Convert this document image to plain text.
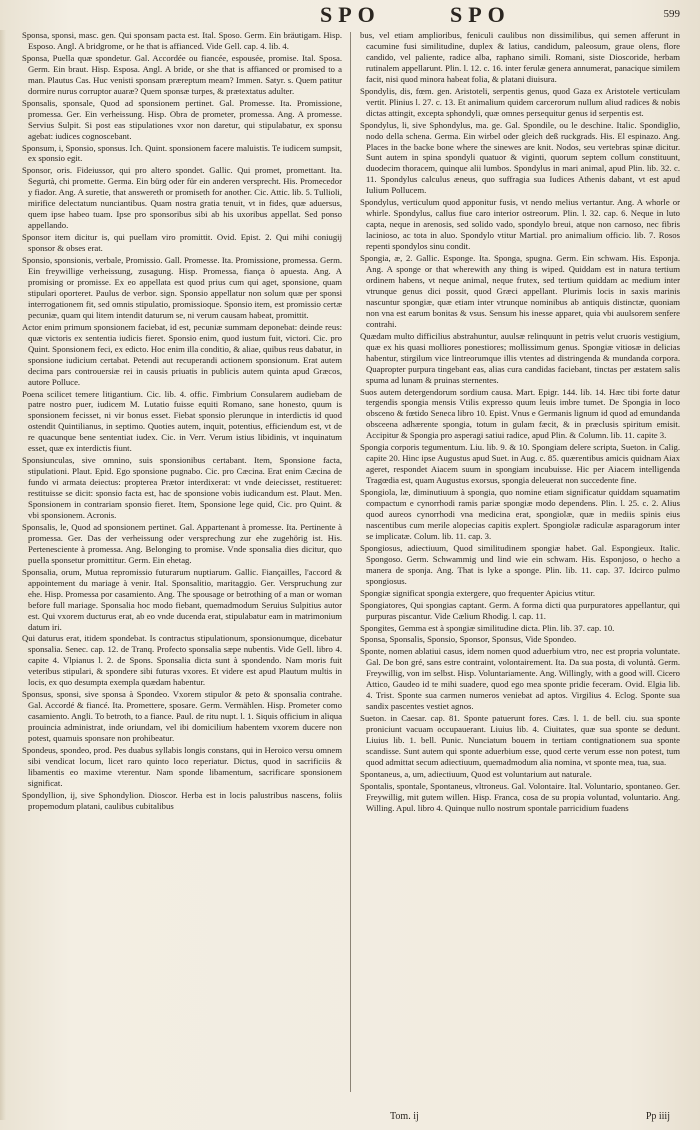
SPO	SPO	599

Sponsa, sponsi, masc. gen. Qui sponsam pacta est. Ital. Sposo. Germ. Ein bräutigam. Hisp. Esposo. Angl. A bridgrome, or he that is affianced. Vide Gell. cap. 4. lib. 4.

Sponsa, Puella quæ spondetur. Gal. Accordée ou fiancée, espousée, promise. Ital. Sposa. Germ. Ein braut. Hisp. Esposa. Angl. A bride, or she that is affianced or promised to a man. Plautus Cas. Huc venisti sponsam præreptum meam? Immen. Satyr. s. Quem patitur dormire nurus corruptor auaræ? Quem sponsæ turpes, & prætextatus adulter.

Sponsalis, sponsale, Quod ad sponsionem pertinet. Gal. Promesse. Ita. Promissione, promessa. Ger. Ein verheissung. Hisp. Obra de prometer, promessa. Ang. A promesse. Servius Sulpit. Si post eas stipulationes vxor non daretur, qui stipulabatur, ex sponsu agebat: iudices cognoscebant.

Sponsum, i, Sponsio, sponsus. Ich. Quint. sponsionem facere maluistis. Te iudicem sumpsit, ex sponsio egit.

Sponsor, oris. Fideiussor, qui pro altero spondet. Gallic. Qui promet, promettant. Ita. Segurtà, chi promette. Germa. Ein bürg oder für ein anderen versprecht. His. Promecedor y fiador. Ang. A suretie, that answereth or promiseth for another. Cic. Attic. lib. 5. Tullioli, mirifice delectatum nunciantibus. Quam nostra gratia tenuit, vt in fides, quæ aduersus, quem ipse habeo tuam. Ipse pro sponsoribus sibi ab his uxoribus appellat. Sed ponso appellando.

Sponsor item dicitur is, qui puellam viro promittit. Ovid. Epist. 2. Qui mihi coniugij sponsor & obses erat.

Sponsio, sponsionis, verbale, Promissio. Gall. Promesse. Ita. Promissione, promessa. Germ. Ein freywillige verheissung, zusagung. Hisp. Promessa, fiança ò apuesta. Ang. A promising or promisse. Ex eo appellata est quod prius cum qui aget, sponsione, quam stipulari oporteret. Paulus de verbor. sign. Sponsio appellatur non solum quæ per sponsi interrogationem fit, sed omnis stipulatio, promissioque. Sponsio item, est promissio certæ pecuniæ, quam qui litem intendit daturum se, ni verum causam habeat, promittit.

Actor enim primum sponsionem faciebat, id est, pecuniæ summam deponebat: deinde reus: quæ victoris ex sententia iudicis fieret. Sponsio enim, quod iustum fuit, victori. Cic. pro Quint. Sponsionem feci, ex edicto. Hoc enim illa conditio, & aliae, quibus reus dabatur, in sponsione iudicium certabat. Petendi aut recuperandi actionem sponsionum. Erat autem decima pars controuersiæ rei in causis priuatis in publicis autem quinta apud Græcos, autore Polluce.

Poena scilicet temere litigantium. Cic. lib. 4. offic. Fimbrium Consularem audiebam de patre nostro puer, iudicem M. Lutatio fuisse equiti Romano, sane honesto, quum is sponsionem fecisset, ni vir bonus esset. Fiebat sponsio plerunque in interdictis id quod ostendit Quintilianus, in septimo. Quoties autem, inquit, potentius, efficiendum est, vt de re quacunque bene sententiat iudex. Cic. in Verr. Verum istius libidinis, vt inquinatum esset, quæ ex interdictis fiunt.

Sponsiunculas, sive omnino, suis sponsionibus certabant. Item, Sponsione facta, stipulationi. Plaut. Epid. Ego sponsione pugnabo. Cic. pro Cæcina. Erat enim Cæcina de fundo vi armata deiectus: propterea Prætor interdixerat: vt vnde deiecisset, restitueret: restituisse se dicit: sponsio facta est, hac de sponsione vobis iudicandum est. Plaut. Men. Sponsionem in contrariam sponsio fieret. Item, Sponsione lege quid, Cic. pro Quint. & vbi sponsionem. Acronis.

Sponsalis, le, Quod ad sponsionem pertinet. Gal. Appartenant à promesse. Ita. Pertinente à promessa. Ger. Das der verheissung oder versprechung zur ehe zugehörig ist. His. Pertenesciente à promessa. Ang. Belonging to promise. Vnde sponsalia dies dicitur, quo puella sponsetur promittitur. Germ. Ein ehetag.

Sponsalia, orum, Mutua repromissio futurarum nuptiarum. Gallic. Fiançailles, l'accord & appointement du mariage à venir. Ital. Sponsalitio, maritaggio. Ger. Verspruchung zur ehe. Hisp. Promessa por casamiento. Ang. The spousage or betrothing of a man or woman before full mariage. Sponsalia hoc modo fiebant, quemadmodum Seruius Sulpitius autor est. Qui vxorem ducturus erat, ab eo vnde ducenda erat, stipulabatur eam in matrimonium datum iri.

Qui daturus erat, itidem spondebat. Is contractus stipulationum, sponsionumque, dicebatur sponsalia. Senec. cap. 12. de Tranq. Profecto sponsalia sæpe nubentis. Vide Gell. libro 4. capite 4. Vlpianus l. 2. de Spons. Sponsalia dicta sunt à spondendo. Nam moris fuit veteribus stipulari, & spondere sibi futuras vxores. Et videre est apud Plautum multis in locis, ex quo desumpta exempla quædam habentur.

Sponsus, sponsi, sive sponsa à Spondeo. Vxorem stipulor & peto & sponsalia contrahe. Gal. Accordé & fiancé. Ita. Promettere, sposare. Germ. Vermählen. Hisp. Prometer como casamiento. Angli. To betroth, to a fiance. Paul. de ritu nupt. l. 1. Siquis officium in aliqua prouincia administrat, inde oriundam, vel ibi domicilium habentem vxorem ducere non potest, quamuis sponsare non prohibeatur.

Spondeus, spondeo, prod. Pes duabus syllabis longis constans, qui in Heroico versu omnem sibi vendicat locum, licet raro quinto loco reperiatur. Dictus, quod in sacrificiis & libamentis eo maxime vterentur. Nam sponde libamentum, sacrificare sponsionem significat.

Spondyllion, ij, sive Sphondylion. Dioscor. Herba est in locis palustribus nascens, foliis propemodum platani, caulibus cubitalibus

bus, vel etiam amplioribus, feniculi caulibus non dissimilibus, qui semen afferunt in cacumine fusi similitudine, duplex & latius, candidum, paleosum, graue olens, flore candido, vel paliente, radice alba, raphano simili. Romani, siste Dioscoride, herbam rutinalem appellarunt. Plin. l. 12. c. 16. inter ferulæ genera annumerat, panacique similem facit, nisi quod minora habeat folia, & platani diuisura.

Spondylis, dis, fœm. gen. Aristoteli, serpentis genus, quod Gaza ex Aristotele verticulam vertit. Plinius l. 27. c. 13. Et animalium quidem carcerorum nullum aliud radices & nobis dictas attingit, excepta sphondyli, quæ omnes persequitur genus id serpentis est.

Spondylus, li, sive Sphondylus, ma. ge. Gal. Spondile, ou le deschine. Italic. Spondiglio, nodo della schena. Germa. Ein wirbel oder gleich deß ruckgrads. His. El espinazo. Ang. Places in the backe bone where the sinewes are knit. Nodos, seu vertebras spinæ dicitur. Sunt autem in spina spondyli quatuor & viginti, quorum septem collum constituunt, duodecim thoracem, quinque alii lumbos. Spondylus in mari animal, apud Plin. lib. 32. c. 11. Spondylus calculus æneus, quo suffragia sua Iudices Athenis dabant, vt est apud Iulium Pollucem.

Spondylus, verticulum quod apponitur fusis, vt nendo melius vertantur. Ang. A whorle or whirle. Spondylus, callus fiue caro interior ostreorum. Plin. l. 32. cap. 6. Neque in luto capta, neque in arenosis, sed solido vado, spondylo breui, atque non carnoso, nec fibris lacinioso, ac tota in aluo. Spondylo vtitur Martial. pro animalium officio. lib. 7. Rosos repenti spondylos sinu condit.

Spongia, æ, 2. Gallic. Esponge. Ita. Sponga, spugna. Germ. Ein schwam. His. Esponja. Ang. A sponge or that wherewith any thing is wiped. Quiddam est in natura tertium ordinem habens, vt neque animal, neque frutex, sed tertium quiddam ac medium inter vtrunque genus dici possit, quod Græci appellant. Plurimis locis in saxis marinis nascuntur spongiæ, quæ etiam inter vtrunque nominibus ab antiquis distinctæ, quoniam non vna est earum bonitas & vsus. Sensum his inesse apparet, quia vbi auulsorem senfere contrahi.

Quædam multo difficilius abstrahuntur, auulsæ relinquunt in petris velut cruoris vestigium, quæ ex his quasi molliores ponestiores; mollissimum genus. Spongiæ vitiosæ in delicias habentur, stirgilum vice lintreorumque illis vtentes ad distringenda & mundanda corpora. Quapropter purpura tingebant eas, alias cura candidas faciebant, tinctas per æstatem salis spuma ad lunam & pruinas sternentes.

Suos autem detergendorum sordium causa. Mart. Epigr. 144. lib. 14. Hæc tibi forte datur tergendis spongia mensis Vtilis expresso quum leuis imbre tumet. De Spongia in loco obsceno & fœtido Seneca libro 10. Epist. Vnus e Germanis lignum id quod ad emundanda obsceena adhærente spongia, totum in gulam fæcit, & in præclusis spiritum emisit. Accipitur & Spongia pro asperagi satiui radice, apud Plin. & Column. lib. 11. capite 3.

Spongia corporis tegumentum. Liu. lib. 9. & 10. Spongiam delere scripta, Sueton. in Calig. capite 20. Hinc ipse Augustus apud Suet. in Aug. c. 85. quærentibus amicis quidnam Aiax ageret, respondet Aiacem suum in spongiam incubuisse. Hic per Aiacem intelligenda Tragœdia est, quam Augustus exorsus, spongia deleuerat non succedente fine.

Spongiola, læ, diminutiuum à spongia, quo nomine etiam significatur quiddam squamatim compactum e cynorrhodi ramis pariæ spongiæ modo dependens. Plin. l. 25. c. 2. Alius quod aureos cynorrhodi vna medicina erat, spongiolæ, quæ in mediis spinis eius nascentibus cum merile alopecias capitis explert. Spongiolæ radiculæ asparagorum inter se implicatæ. Colum. lib. 11. cap. 3.

Spongiosus, adiectiuum, Quod similitudinem spongiæ habet. Gal. Espongieux. Italic. Spongoso. Germ. Schwammig und lind wie ein schwam. His. Esponjoso, o hecho a manera de sponja. Ang. That is lyke a sponge. Plin. lib. 11. cap. 37. Idcirco pulmo spongiosus.

Spongiæ significat spongia extergere, quo frequenter Apicius vtitur.

Spongiatores, Qui spongias captant. Germ. A forma dicti qua purpuratores appellantur, qui purpuras piscantur. Vide Cælium Rhodig. l. cap. 11.

Spongites, Gemma est à spongiæ similitudine dicta. Plin. lib. 37. cap. 10.

Sponsa, Sponsalis, Sponsio, Sponsor, Sponsus, Vide Spondeo.

Sponte, nomen ablatiui casus, idem nomen quod aduerbium vtro, nec est propria voluntate. Gal. De bon gré, sans estre contraint, volontairement. Ita. Da sua posta, di voluntà. Germ. Freywillig, von im selbst. Hisp. Voluntariamente. Ang. Willingly, with a good will. Cicero Attico, Gaudeo id te mihi suadere, quod ego mea sponte pridie feceram. Ovid. Elgia lib. 4. Trist. Sponte sua carmen numeros veniebat ad aptos. Virgilius 4. Eclog. Sponte sua sandix pascentes vestiet agnos.

Sueton. in Caesar. cap. 81. Sponte patuerunt fores. Cæs. l. 1. de bell. ciu. sua sponte proniciunt vacuam occupauerant. Liuius lib. 4. Ciuitates, quæ sua sponte se dedunt. Liuius lib. 1. bell. Punic. Nunciatum bouem in tertiam contignationem sua sponte scandisse. Sunt autem qui sponte aduerbium esse, quod certe verum esse non potest, tum quod admittat secum adiectiuum, quemadmodum alia nomina, vt sponte mea, tua, sua.

Spontaneus, a, um, adiectiuum, Quod est voluntarium aut naturale.

Spontalis, spontale, Spontaneus, vltroneus. Gal. Volontaire. Ital. Voluntario, spontaneo. Ger. Freywillig, mit gutem willen. Hisp. Franca, cosa de su propia voluntad, voluntario. Ang. Willing. Apul. libro 4. Quinque nullo nostrum spontale parricidium fuadens

Tom. ij	Pp iiij
